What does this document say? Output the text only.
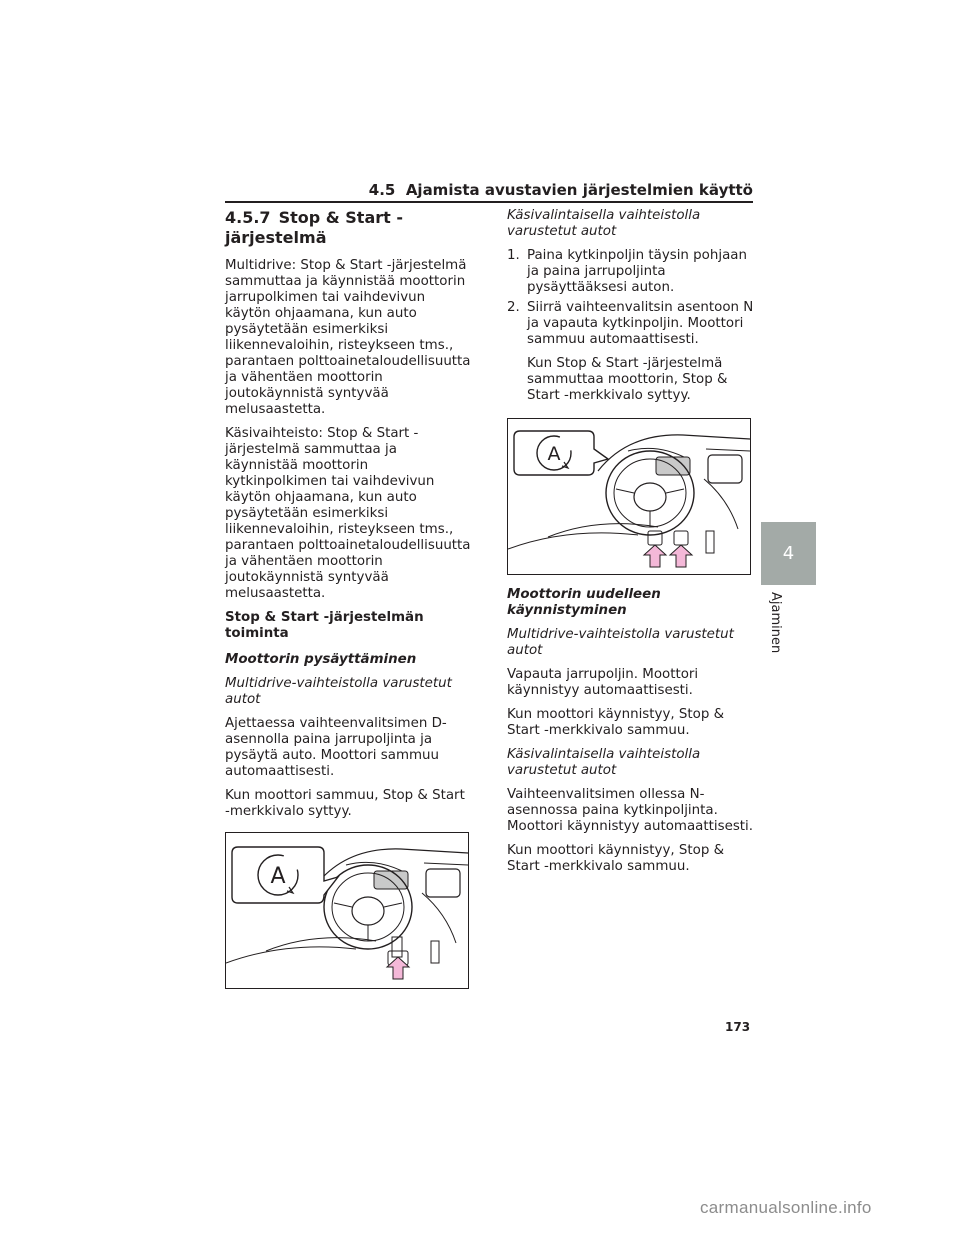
4.5 Ajamista avustavien järjestelmien käyttö
4.5.7 Stop & Start -järjestelmä

Multidrive: Stop & Start -järjestelmä sammuttaa ja käynnistää moottorin jarrupolkimen tai vaihdevivun käytön ohjaamana, kun auto pysäytetään esimerkiksi liikennevaloihin, risteykseen tms., parantaen polttoainetaloudellisuutta ja vähentäen moottorin joutokäynnistä syntyvää melusaastetta.

Käsivaihteisto: Stop & Start -järjestelmä sammuttaa ja käynnistää moottorin kytkinpolkimen tai vaihdevivun käytön ohjaamana, kun auto pysäytetään esimerkiksi liikennevaloihin, risteykseen tms., parantaen polttoainetaloudellisuutta ja vähentäen moottorin joutokäynnistä syntyvää melusaastetta.

Stop & Start -järjestelmän toiminta
Moottorin pysäyttäminen
Multidrive-vaihteistolla varustetut autot

Ajettaessa vaihteenvalitsimen D-asennolla paina jarrupoljinta ja pysäytä auto. Moottori sammuu automaattisesti.

Kun moottori sammuu, Stop & Start -merkkivalo syttyy.

A
Käsivalintaisella vaihteistolla varustetut autot
1. Paina kytkinpoljin täysin pohjaan ja paina jarrupoljinta pysäyttääksesi auton.
2. Siirrä vaihteenvalitsin asentoon N ja vapauta kytkinpoljin. Moottori sammuu automaattisesti.

Kun Stop & Start -järjestelmä sammuttaa moottorin, Stop & Start -merkkivalo syttyy.

A
Moottorin uudelleen käynnistyminen
Multidrive-vaihteistolla varustetut autot

Vapauta jarrupoljin. Moottori käynnistyy automaattisesti.

Kun moottori käynnistyy, Stop & Start -merkkivalo sammuu.

Käsivalintaisella vaihteistolla varustetut autot

Vaihteenvalitsimen ollessa N-asennossa paina kytkinpoljinta. Moottori käynnistyy automaattisesti.

Kun moottori käynnistyy, Stop & Start -merkkivalo sammuu.

4
Ajaminen
173
carmanualsonline.info
